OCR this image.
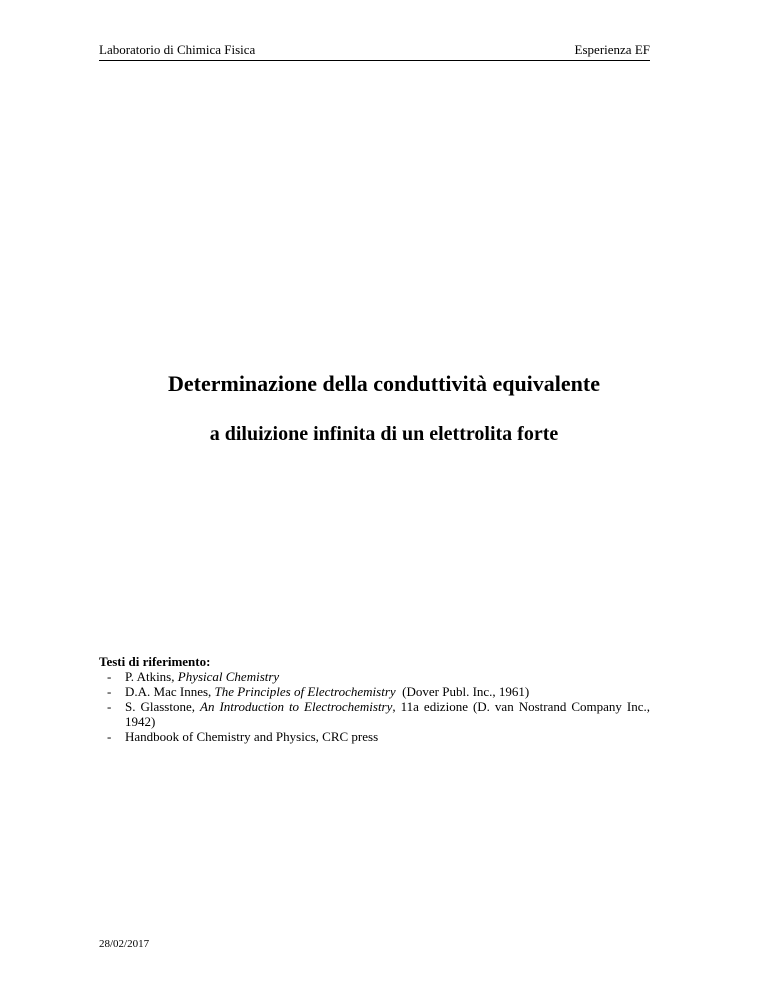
Laboratorio di Chimica Fisica	Esperienza EF

Determinazione della conduttività equivalente

a diluizione infinita di un elettrolita forte

Testi di riferimento:
- P. Atkins, Physical Chemistry
- D.A. Mac Innes, The Principles of Electrochemistry  (Dover Publ. Inc., 1961)
- S. Glasstone, An Introduction to Electrochemistry, 11a edizione (D. van Nostrand Company Inc., 1942)
- Handbook of Chemistry and Physics, CRC press
28/02/2017
